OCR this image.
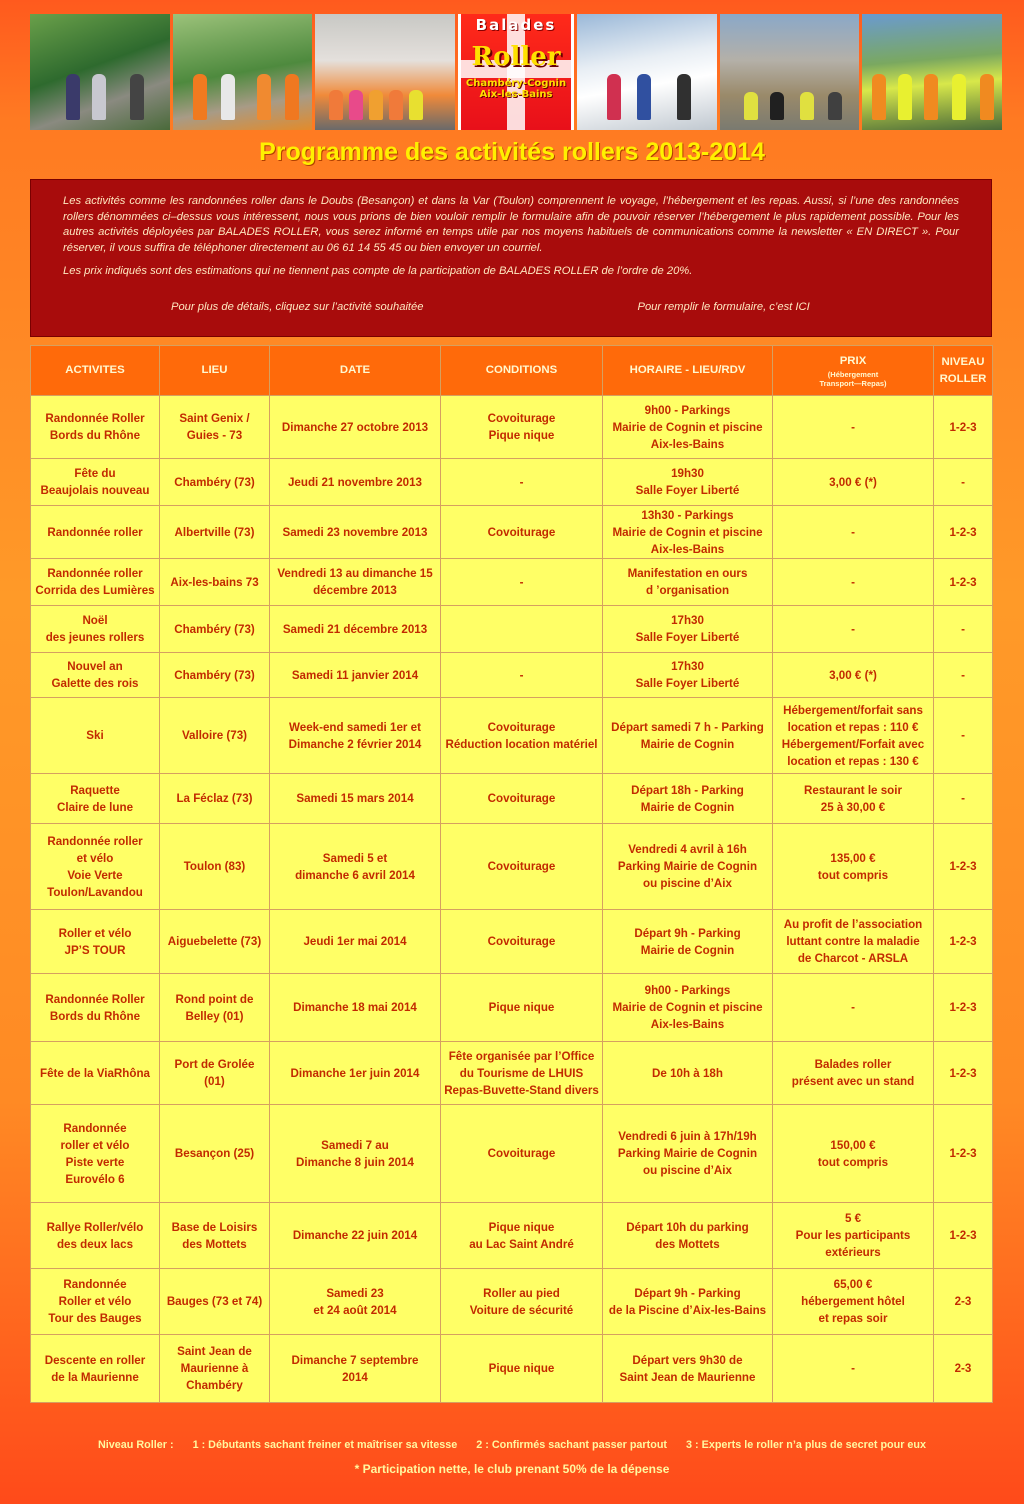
Balades
Roller
Chambéry-Cognin
Aix-les-Bains
Programme des activités rollers 2013-2014

Les activités comme les randonnées roller dans le Doubs (Besançon) et dans la Var (Toulon) comprennent le voyage, l’hébergement et les repas. Aussi, si l’une des randonnées rollers dénommées ci–dessus vous intéressent, nous vous prions de bien vouloir remplir le formulaire afin de pouvoir réserver l’hébergement le plus rapidement possible. Pour les autres activités déployées par BALADES ROLLER, vous serez informé en temps utile par nos moyens habituels de communications comme la newsletter « EN DIRECT ». Pour réserver, il vous suffira de téléphoner directement au 06 61 14 55 45 ou bien envoyer un courriel.

Les prix indiqués sont des estimations qui ne tiennent pas compte de la participation de BALADES ROLLER de l’ordre de 20%.

Pour plus de détails, cliquez sur l’activité souhaitée	Pour remplir le formulaire, c’est ICI
ACTIVITES	LIEU	DATE	CONDITIONS	HORAIRE - LIEU/RDV	PRIX
(Hébergement
Transport—Repas)	NIVEAU
ROLLER
Randonnée Roller
Bords du Rhône	Saint Genix /
Guies - 73	Dimanche 27 octobre 2013	Covoiturage
Pique nique	9h00 - Parkings
Mairie de Cognin et piscine
Aix-les-Bains	-	1-2-3
Fête du
Beaujolais nouveau	Chambéry (73)	Jeudi 21 novembre 2013	-	19h30
Salle Foyer Liberté	3,00 € (*)	-
Randonnée roller	Albertville (73)	Samedi 23 novembre 2013	Covoiturage	13h30 - Parkings
Mairie de Cognin et piscine
Aix-les-Bains	-	1-2-3
Randonnée roller
Corrida des Lumières	Aix-les-bains 73	Vendredi 13 au dimanche 15
décembre 2013	-	Manifestation en ours
d ’organisation	-	1-2-3
Noël
des jeunes rollers	Chambéry (73)	Samedi 21 décembre 2013		17h30
Salle Foyer Liberté	-	-
Nouvel an
Galette des rois	Chambéry (73)	Samedi 11 janvier 2014	-	17h30
Salle Foyer Liberté	3,00 € (*)	-
Ski	Valloire (73)	Week-end samedi 1er et
Dimanche 2 février 2014	Covoiturage
Réduction location matériel	Départ samedi 7 h - Parking
Mairie de Cognin	Hébergement/forfait sans
location et repas : 110 €
Hébergement/Forfait avec
location et repas : 130 €	-
Raquette
Claire de lune	La Féclaz (73)	Samedi 15 mars 2014	Covoiturage	Départ 18h - Parking
Mairie de Cognin	Restaurant le soir
25 à 30,00 €	-
Randonnée roller
et vélo
Voie Verte
Toulon/Lavandou	Toulon (83)	Samedi 5 et
dimanche 6 avril 2014	Covoiturage	Vendredi 4 avril à 16h
Parking Mairie de Cognin
ou piscine d’Aix	135,00 €
tout compris	1-2-3
Roller et vélo
JP’S TOUR	Aiguebelette (73)	Jeudi 1er mai 2014	Covoiturage	Départ 9h - Parking
Mairie de Cognin	Au profit de l’association
luttant contre la maladie
de Charcot - ARSLA	1-2-3
Randonnée Roller
Bords du Rhône	Rond point de
Belley (01)	Dimanche 18 mai 2014	Pique nique	9h00 - Parkings
Mairie de Cognin et piscine
Aix-les-Bains	-	1-2-3
Fête de la ViaRhôna	Port de Grolée
(01)	Dimanche 1er juin 2014	Fête organisée par l’Office
du Tourisme de LHUIS
Repas-Buvette-Stand divers	De 10h à 18h	Balades roller
présent avec un stand	1-2-3
Randonnée
roller et vélo
Piste verte
Eurovélo 6	Besançon (25)	Samedi 7 au
Dimanche 8 juin 2014	Covoiturage	Vendredi 6 juin à 17h/19h
Parking Mairie de Cognin
ou piscine d’Aix	150,00 €
tout compris	1-2-3
Rallye Roller/vélo
des deux lacs	Base de Loisirs
des Mottets	Dimanche 22 juin 2014	Pique nique
au Lac Saint André	Départ 10h du parking
des Mottets	5 €
Pour les participants
extérieurs	1-2-3
Randonnée
Roller et vélo
Tour des Bauges	Bauges (73 et 74)	Samedi 23
et 24 août 2014	Roller au pied
Voiture de sécurité	Départ 9h - Parking
de la Piscine d’Aix-les-Bains	65,00 €
hébergement hôtel
et repas soir	2-3
Descente en roller
de la Maurienne	Saint Jean de
Maurienne à
Chambéry	Dimanche 7 septembre
2014	Pique nique	Départ vers 9h30 de
Saint Jean de Maurienne	-	2-3
Niveau Roller : 1 : Débutants sachant freiner et maîtriser sa vitesse 2 : Confirmés sachant passer partout 3 : Experts le roller n’a plus de secret pour eux
* Participation nette, le club prenant 50% de la dépense
